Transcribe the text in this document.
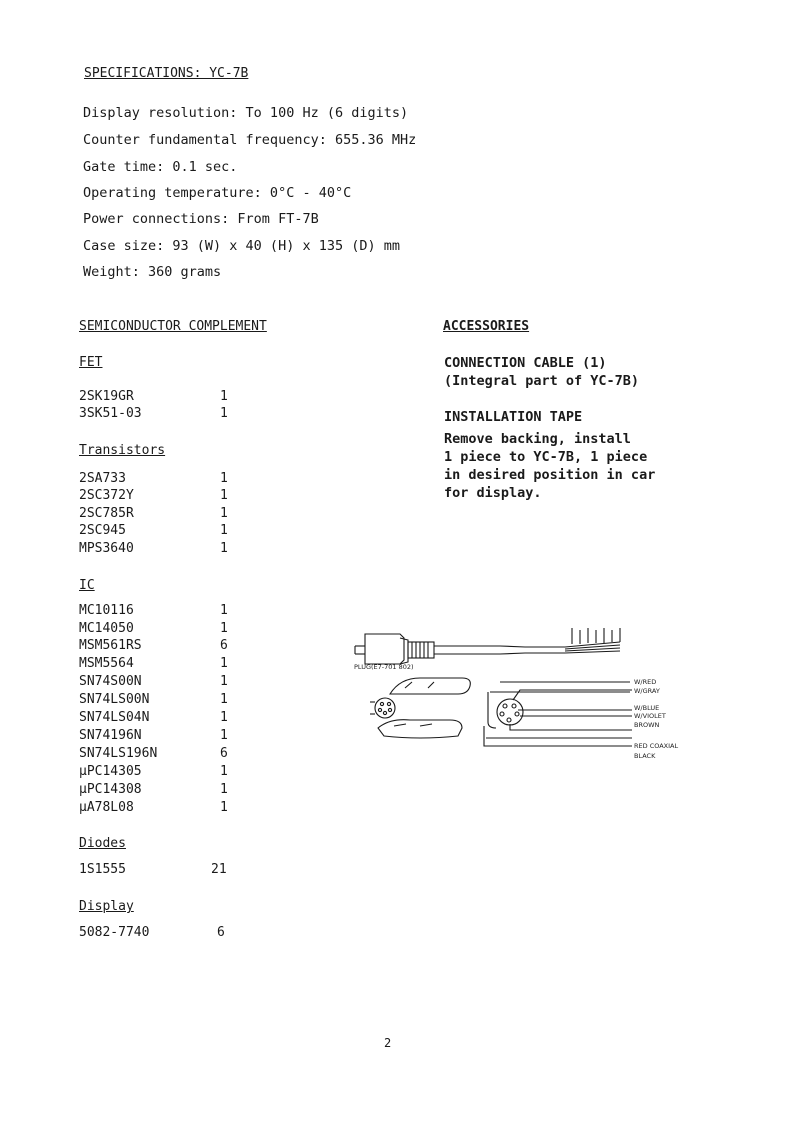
SPECIFICATIONS: YC-7B
Display resolution: To 100 Hz (6 digits)
Counter fundamental frequency: 655.36 MHz
Gate time: 0.1 sec.
Operating temperature: 0°C - 40°C
Power connections: From FT-7B
Case size: 93 (W) x 40 (H) x 135 (D) mm
Weight: 360 grams
SEMICONDUCTOR COMPLEMENT
FET
2SK19GR	1
3SK51-03	1
Transistors
2SA733	1
2SC372Y	1
2SC785R	1
2SC945	1
MPS3640	1
IC
MC10116	1
MC14050	1
MSM561RS	6
MSM5564	1
SN74S00N	1
SN74LS00N	1
SN74LS04N	1
SN74196N	1
SN74LS196N	6
µPC14305	1
µPC14308	1
µA78L08	1
Diodes
1S1555	21
Display
5082-7740	6
ACCESSORIES
CONNECTION CABLE (1)
(Integral part of YC-7B)
INSTALLATION TAPE
Remove backing, install
1 piece to YC-7B, 1 piece
in desired position in car
for display.
PLUG(E7-701 802)
W/RED
W/GRAY
W/BLUE
W/VIOLET
BROWN
RED COAXIAL
BLACK
2
